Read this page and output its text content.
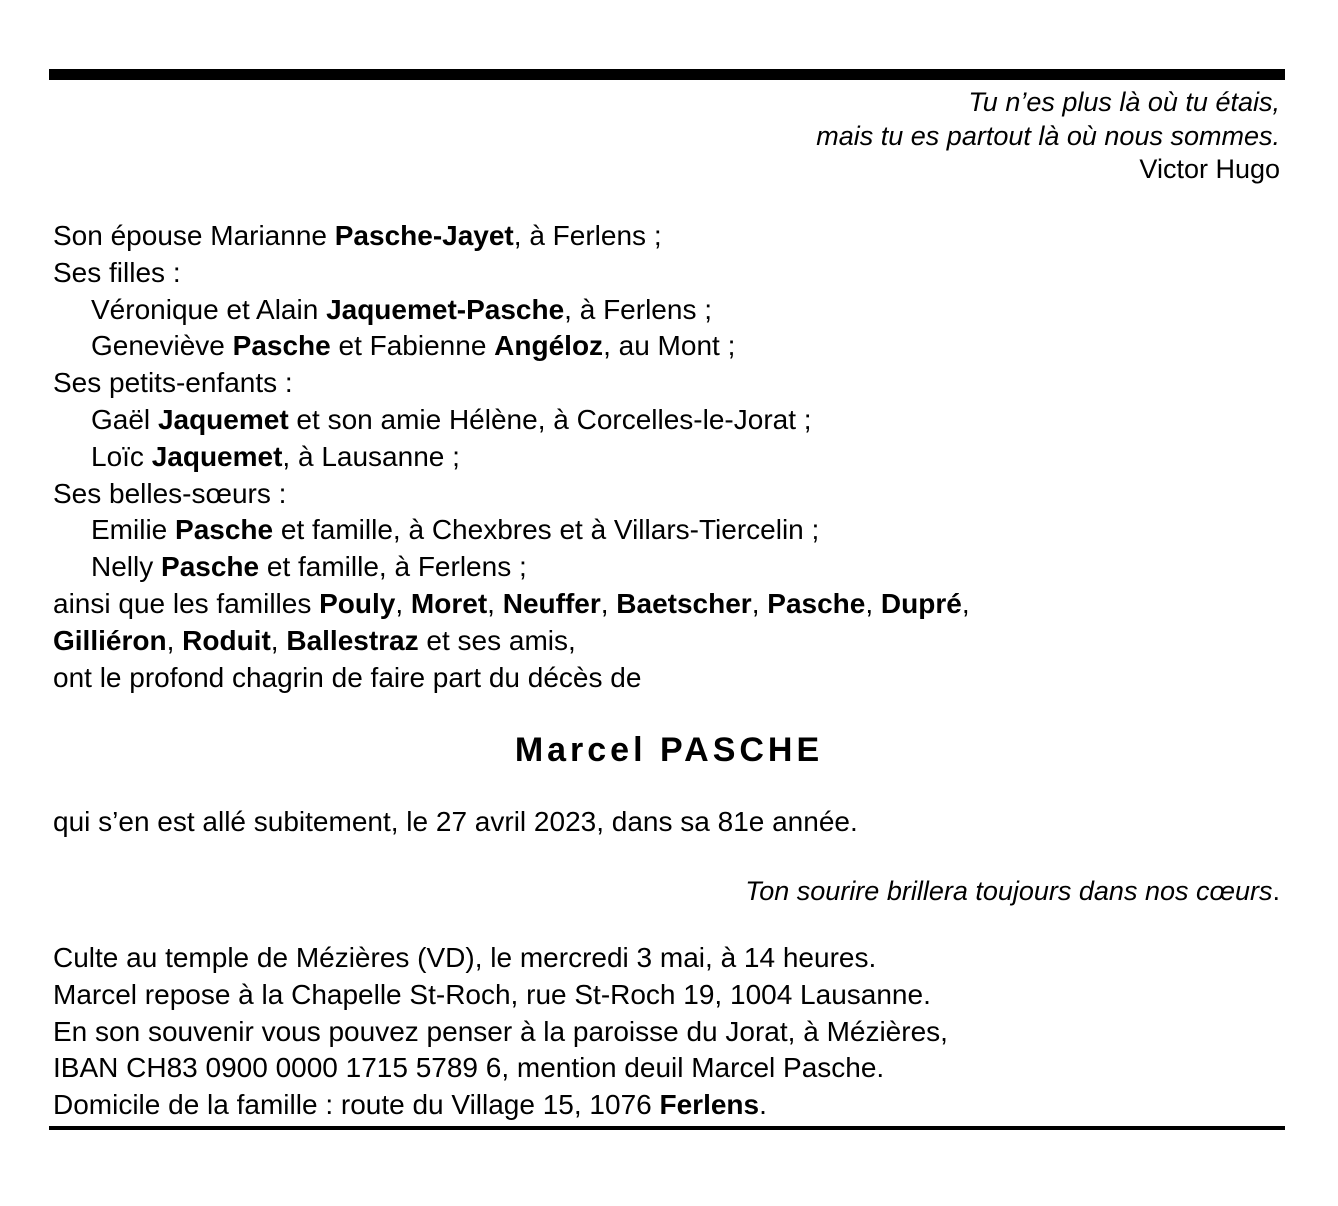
Tu n’es plus là où tu étais,
mais tu es partout là où nous sommes.
Victor Hugo
Son épouse Marianne Pasche-Jayet, à Ferlens ;
Ses filles :
Véronique et Alain Jaquemet-Pasche, à Ferlens ;
Geneviève Pasche et Fabienne Angéloz, au Mont ;
Ses petits-enfants :
Gaël Jaquemet et son amie Hélène, à Corcelles-le-Jorat ;
Loïc Jaquemet, à Lausanne ;
Ses belles-sœurs :
Emilie Pasche et famille, à Chexbres et à Villars-Tiercelin ;
Nelly Pasche et famille, à Ferlens ;
ainsi que les familles Pouly, Moret, Neuffer, Baetscher, Pasche, Dupré,
Gilliéron, Roduit, Ballestraz et ses amis,
ont le profond chagrin de faire part du décès de
Marcel PASCHE
qui s’en est allé subitement, le 27 avril 2023, dans sa 81e année.
Ton sourire brillera toujours dans nos cœurs.
Culte au temple de Mézières (VD), le mercredi 3 mai, à 14 heures.
Marcel repose à la Chapelle St-Roch, rue St-Roch 19, 1004 Lausanne.
En son souvenir vous pouvez penser à la paroisse du Jorat, à Mézières,
IBAN CH83 0900 0000 1715 5789 6, mention deuil Marcel Pasche.
Domicile de la famille : route du Village 15, 1076 Ferlens.
